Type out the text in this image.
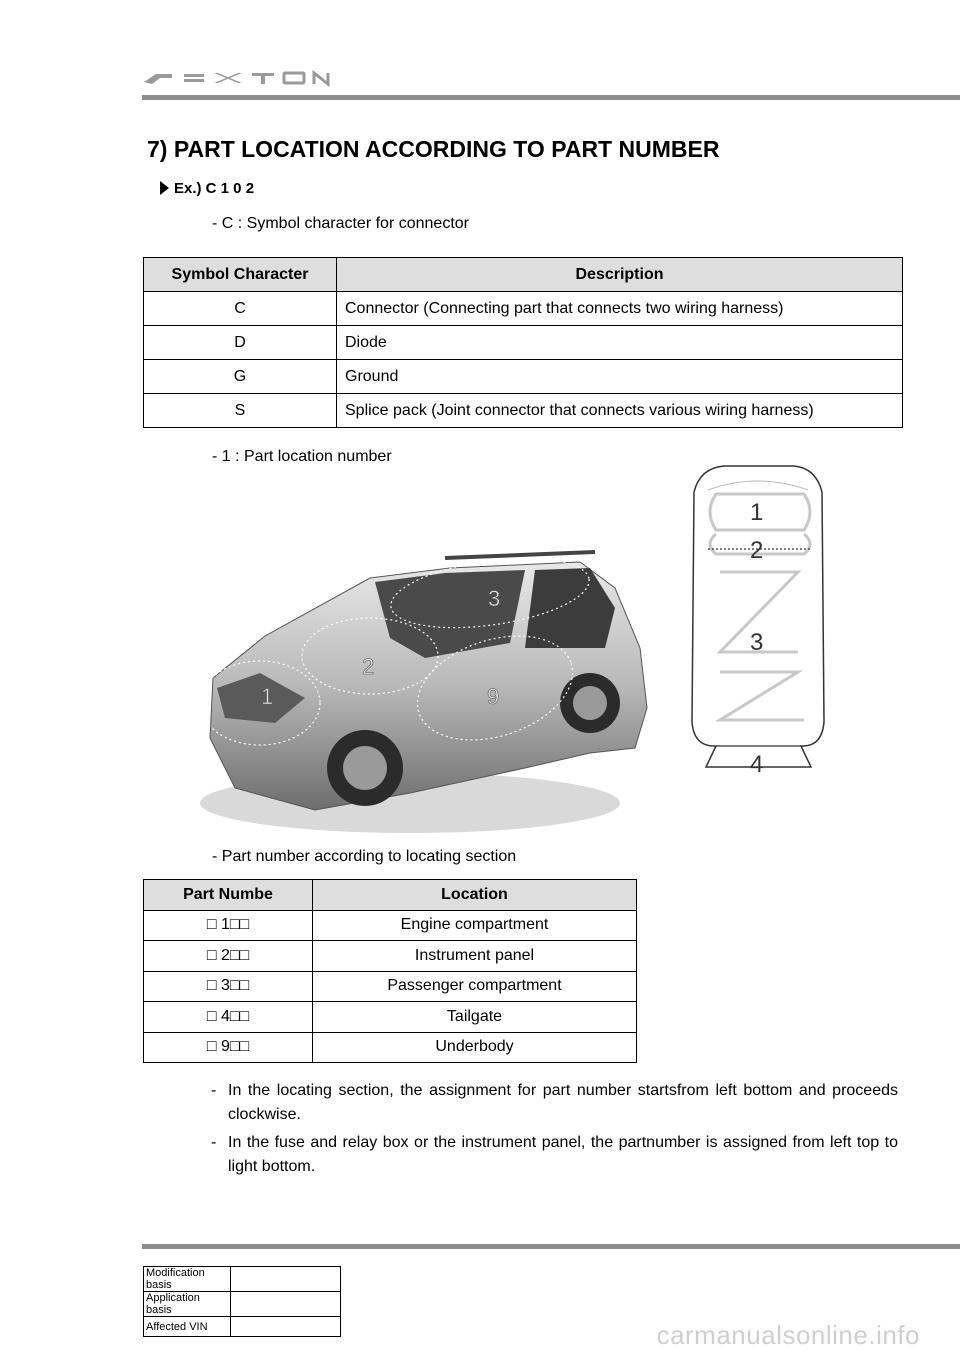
7) PART LOCATION ACCORDING TO PART NUMBER
Ex.) C 1 0 2
- C : Symbol character for connector
Symbol Character	Description
C	Connector (Connecting part that connects two wiring harness)
D	Diode
G	Ground
S	Splice pack (Joint connector that connects various wiring harness)
- 1 : Part location number
1
2
3
9
1
2
3
4
- Part number according to locating section
Part Numbe	Location
□ 1□□	Engine compartment
□ 2□□	Instrument panel
□ 3□□	Passenger compartment
□ 4□□	Tailgate
□ 9□□	Underbody
- In the locating section, the assignment for part number startsfrom left bottom and proceeds clockwise.
- In the fuse and relay box or the instrument panel, the partnumber is assigned from left top to light bottom.
Modification basis	
Application basis	
Affected VIN		carmanualsonline.info
